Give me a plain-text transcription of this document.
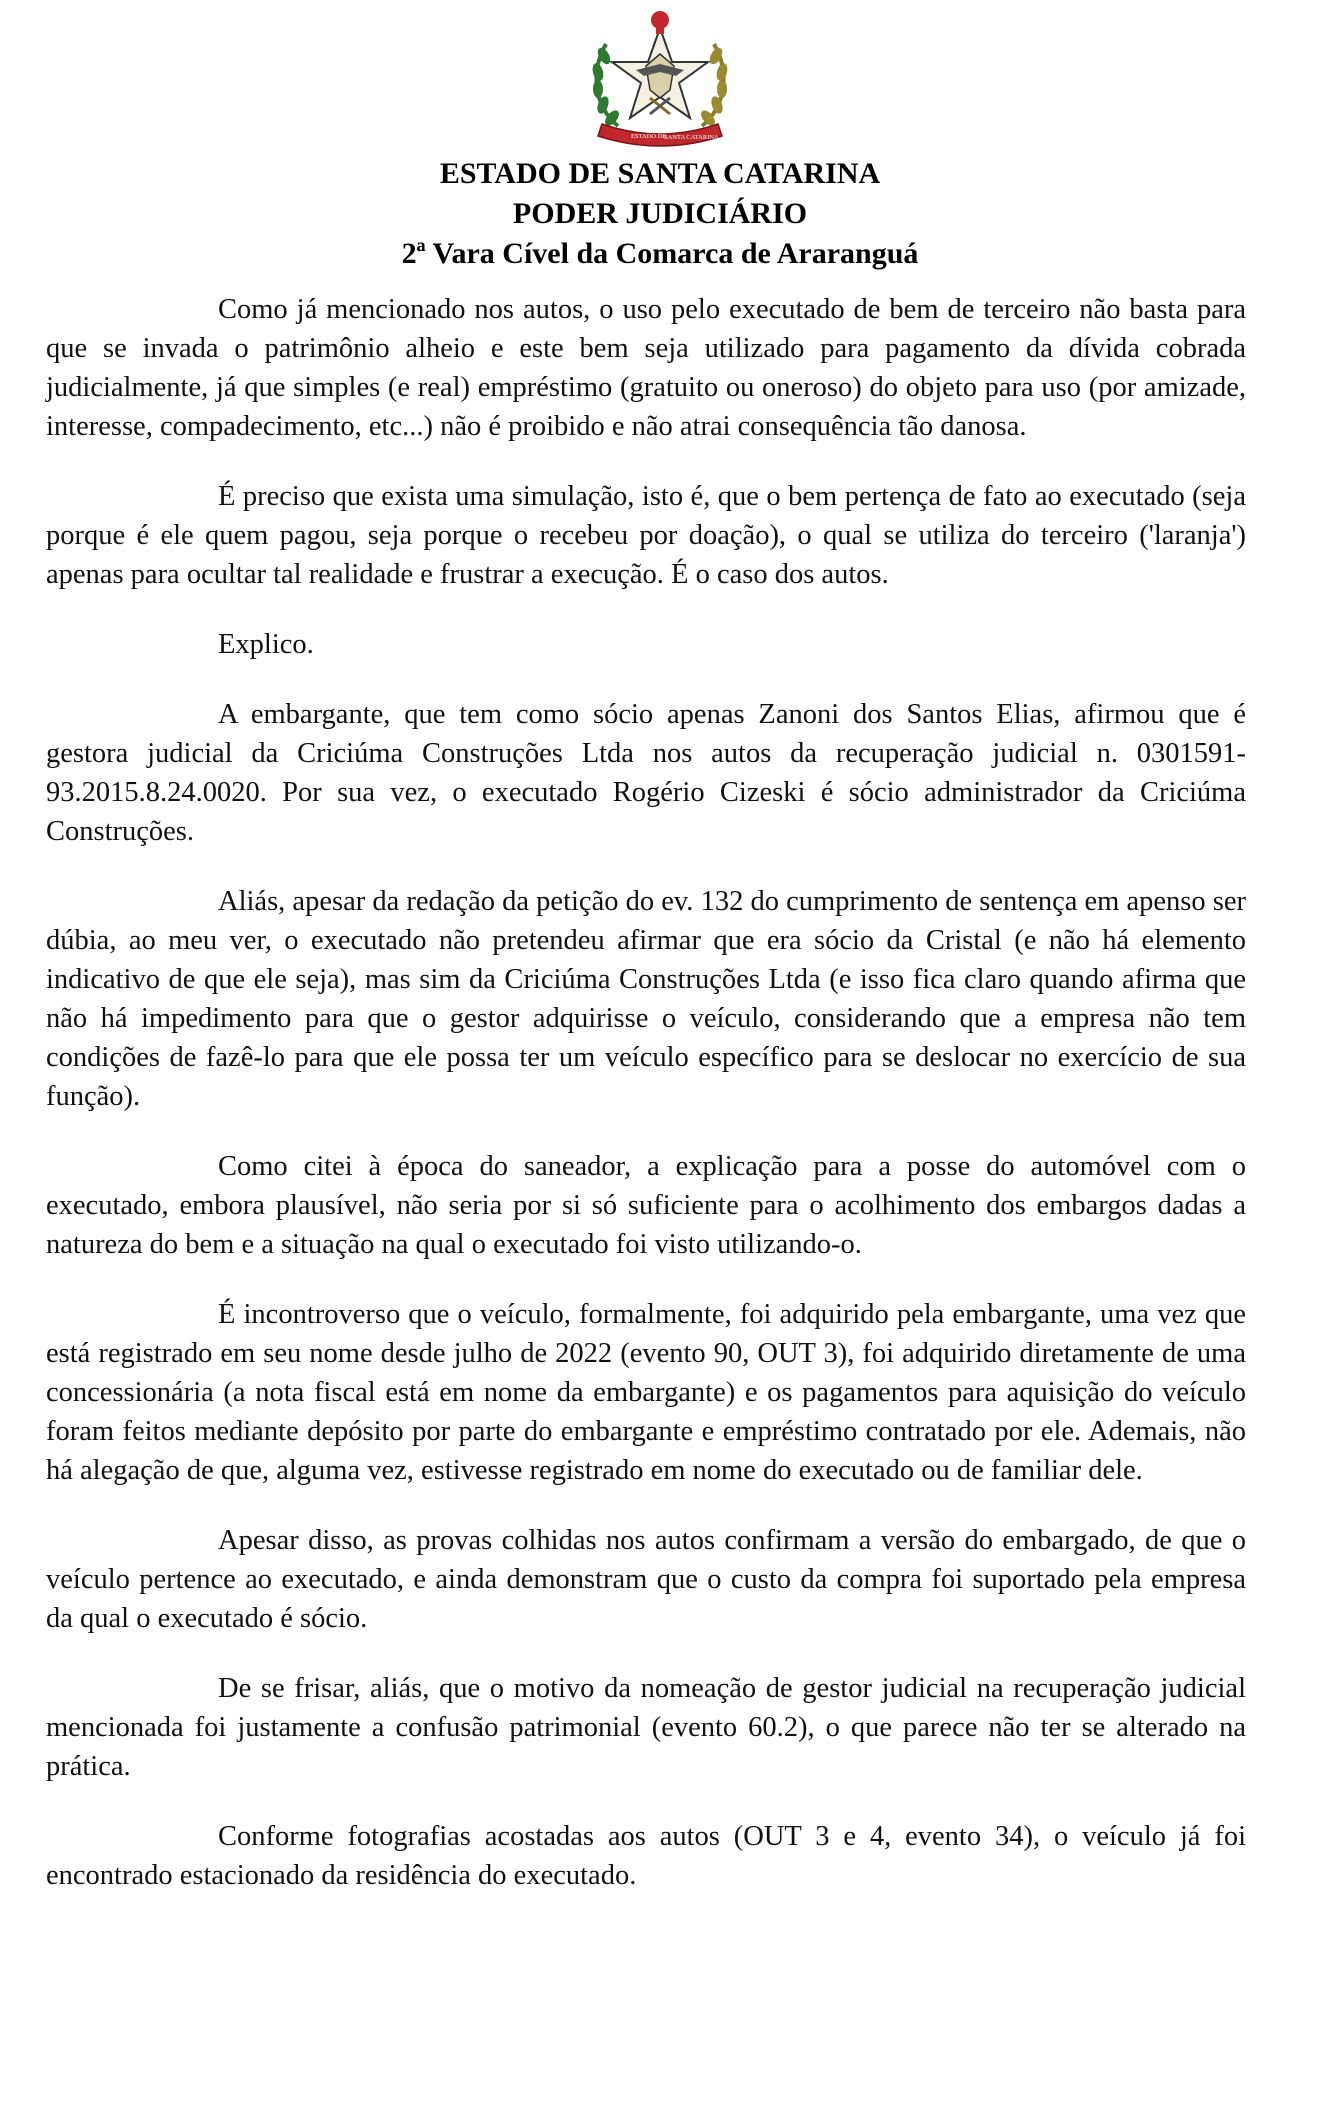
ESTADO DE
SANTA CATARINA
ESTADO DE SANTA CATARINA
PODER JUDICIÁRIO
2ª Vara Cível da Comarca de Araranguá

Como já mencionado nos autos, o uso pelo executado de bem de terceiro não basta para que se invada o patrimônio alheio e este bem seja utilizado para pagamento da dívida cobrada judicialmente, já que simples (e real) empréstimo (gratuito ou oneroso) do objeto para uso (por amizade, interesse, compadecimento, etc...) não é proibido e não atrai consequência tão danosa.

É preciso que exista uma simulação, isto é, que o bem pertença de fato ao executado (seja porque é ele quem pagou, seja porque o recebeu por doação), o qual se utiliza do terceiro ('laranja') apenas para ocultar tal realidade e frustrar a execução. É o caso dos autos.

Explico.

A embargante, que tem como sócio apenas Zanoni dos Santos Elias, afirmou que é gestora judicial da Criciúma Construções Ltda nos autos da recuperação judicial n. 0301591-93.2015.8.24.0020. Por sua vez, o executado Rogério Cizeski é sócio administrador da Criciúma Construções.

Aliás, apesar da redação da petição do ev. 132 do cumprimento de sentença em apenso ser dúbia, ao meu ver, o executado não pretendeu afirmar que era sócio da Cristal (e não há elemento indicativo de que ele seja), mas sim da Criciúma Construções Ltda (e isso fica claro quando afirma que não há impedimento para que o gestor adquirisse o veículo, considerando que a empresa não tem condições de fazê-lo para que ele possa ter um veículo específico para se deslocar no exercício de sua função).

Como citei à época do saneador, a explicação para a posse do automóvel com o executado, embora plausível, não seria por si só suficiente para o acolhimento dos embargos dadas a natureza do bem e a situação na qual o executado foi visto utilizando-o.

É incontroverso que o veículo, formalmente, foi adquirido pela embargante, uma vez que está registrado em seu nome desde julho de 2022 (evento 90, OUT 3), foi adquirido diretamente de uma concessionária (a nota fiscal está em nome da embargante) e os pagamentos para aquisição do veículo foram feitos mediante depósito por parte do embargante e empréstimo contratado por ele. Ademais, não há alegação de que, alguma vez, estivesse registrado em nome do executado ou de familiar dele.

Apesar disso, as provas colhidas nos autos confirmam a versão do embargado, de que o veículo pertence ao executado, e ainda demonstram que o custo da compra foi suportado pela empresa da qual o executado é sócio.

De se frisar, aliás, que o motivo da nomeação de gestor judicial na recuperação judicial mencionada foi justamente a confusão patrimonial (evento 60.2), o que parece não ter se alterado na prática.

Conforme fotografias acostadas aos autos (OUT 3 e 4, evento 34), o veículo já foi encontrado estacionado da residência do executado.
